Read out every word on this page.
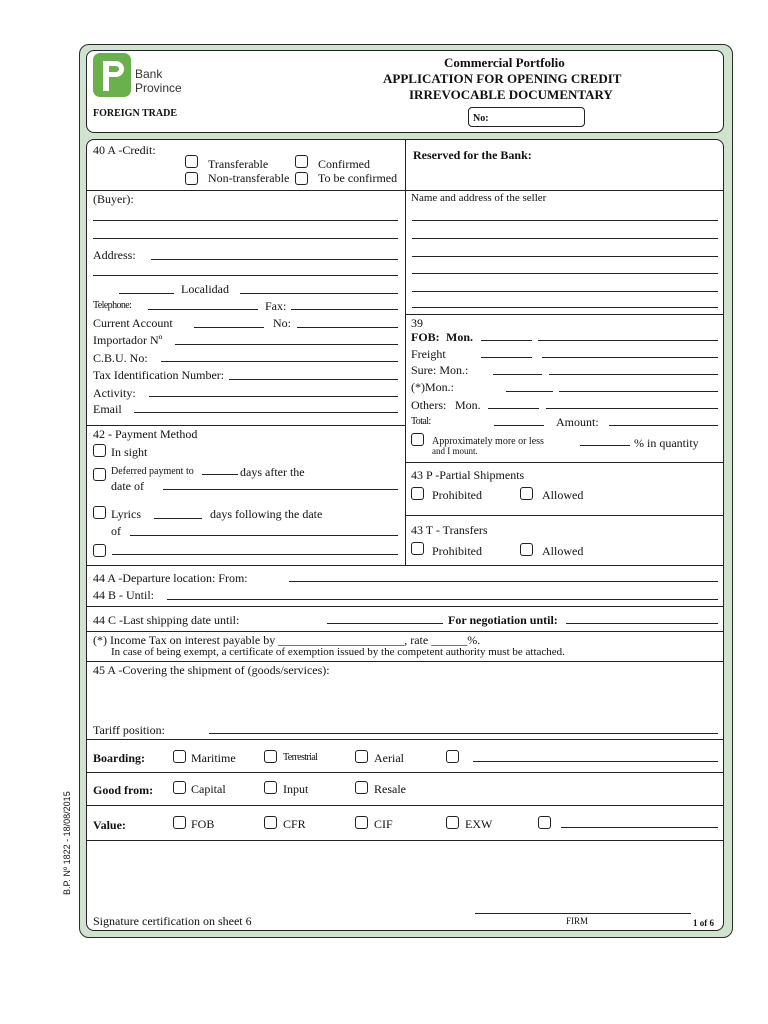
B.P. Nº 1822 - 18/08/2015
Bank
Province
FOREIGN TRADE
Commercial Portfolio
APPLICATION FOR OPENING CREDIT
IRREVOCABLE DOCUMENTARY
No:
40 A -Credit:
Transferable
Non-transferable
Confirmed
To be confirmed
Reserved for the Bank:
(Buyer):
Address:
Localidad
Telephone:	Fax:
Current Account	No:
Importador Nº
C.B.U. No:
Tax Identification Number:
Activity:
Email
Name and address of the seller
39
FOB: Mon.
Freight
Sure: Mon.:
(*)Mon.:
Others: Mon.
Total:	Amount:
Approximately more or less
and I mount.
% in quantity
42 - Payment Method
In sight
Deferred payment to	days after the
date of
Lyrics	days following the date
of
43 P -Partial Shipments
Prohibited	Allowed
43 T - Transfers
Prohibited	Allowed
44 A -Departure location: From:
44 B - Until:
44 C -Last shipping date until:	For negotiation until:
(*) Income Tax on interest payable by _____________________, rate ______%.
In case of being exempt, a certificate of exemption issued by the competent authority must be attached.
45 A -Covering the shipment of (goods/services):
Tariff position:
Boarding:	Maritime	Terrestrial	Aerial
Good from:	Capital	Input	Resale
Value:	FOB	CFR	CIF	EXW
Signature certification on sheet 6	FIRM	1 of 6
